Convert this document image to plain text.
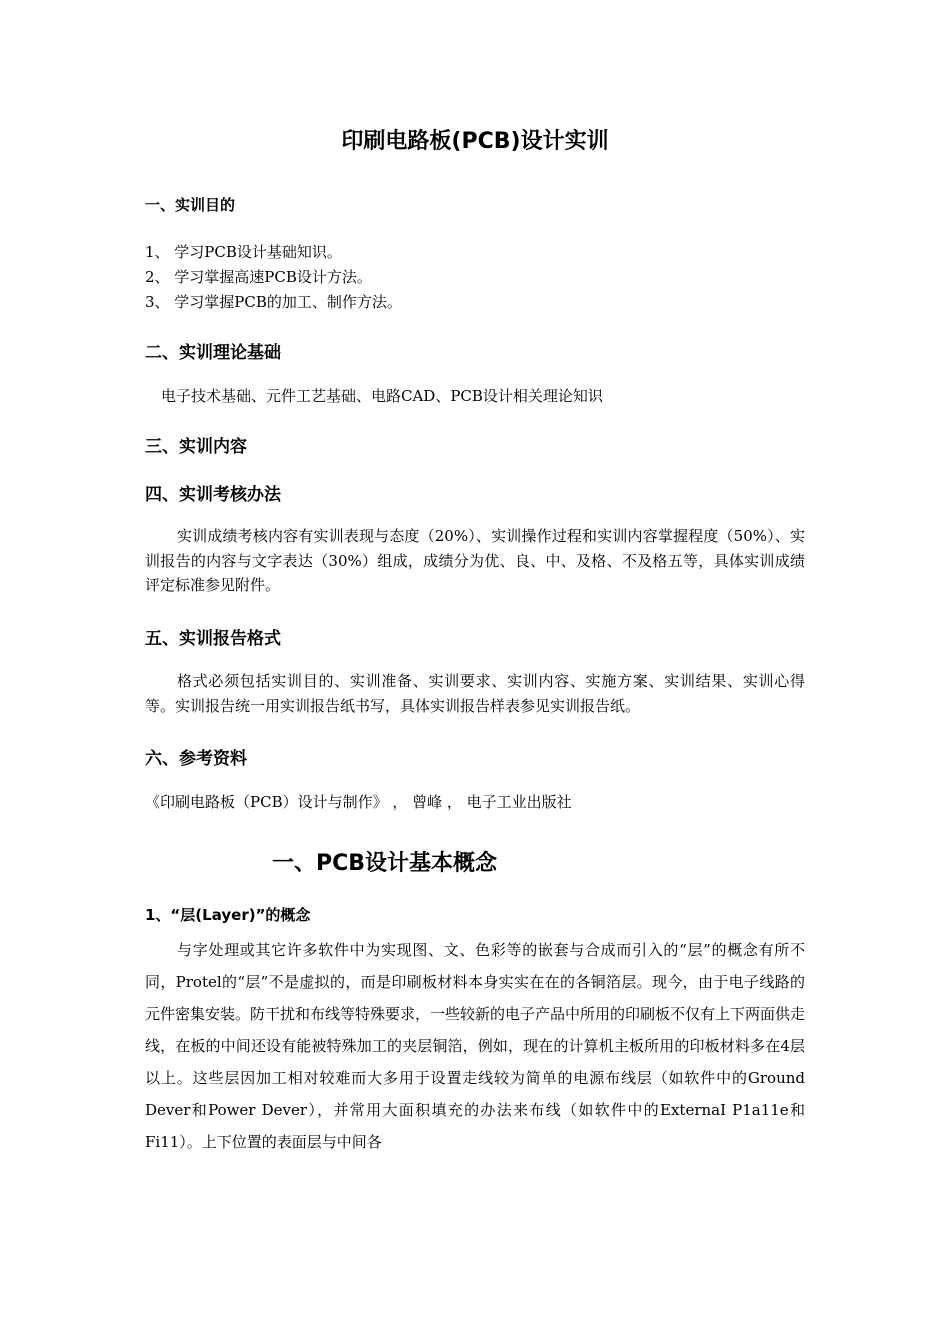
印刷电路板(PCB)设计实训
一、实训目的
1、 学习PCB设计基础知识。
2、 学习掌握高速PCB设计方法。
3、 学习掌握PCB的加工、制作方法。
二、实训理论基础
电子技术基础、元件工艺基础、电路CAD、PCB设计相关理论知识
三、实训内容
四、实训考核办法
实训成绩考核内容有实训表现与态度（20%）、实训操作过程和实训内容掌握程度（50%）、实训报告的内容与文字表达（30%）组成，成绩分为优、良、中、及格、不及格五等，具体实训成绩评定标准参见附件。
五、实训报告格式
格式必须包括实训目的、实训准备、实训要求、实训内容、实施方案、实训结果、实训心得等。实训报告统一用实训报告纸书写，具体实训报告样表参见实训报告纸。
六、参考资料
《印刷电路板（PCB）设计与制作》 ， 曾峰 ， 电子工业出版社
一、PCB设计基本概念
1、“层(Layer)”的概念
与字处理或其它许多软件中为实现图、文、色彩等的嵌套与合成而引入的“层”的概念有所不同，Protel的“层”不是虚拟的，而是印刷板材料本身实实在在的各铜箔层。现今，由于电子线路的元件密集安装。防干扰和布线等特殊要求，一些较新的电子产品中所用的印刷板不仅有上下两面供走线，在板的中间还设有能被特殊加工的夹层铜箔，例如，现在的计算机主板所用的印板材料多在4层以上。这些层因加工相对较难而大多用于设置走线较为简单的电源布线层（如软件中的Ground Dever和Power Dever），并常用大面积填充的办法来布线（如软件中的ExternaI P1a11e和Fi11）。上下位置的表面层与中间各
